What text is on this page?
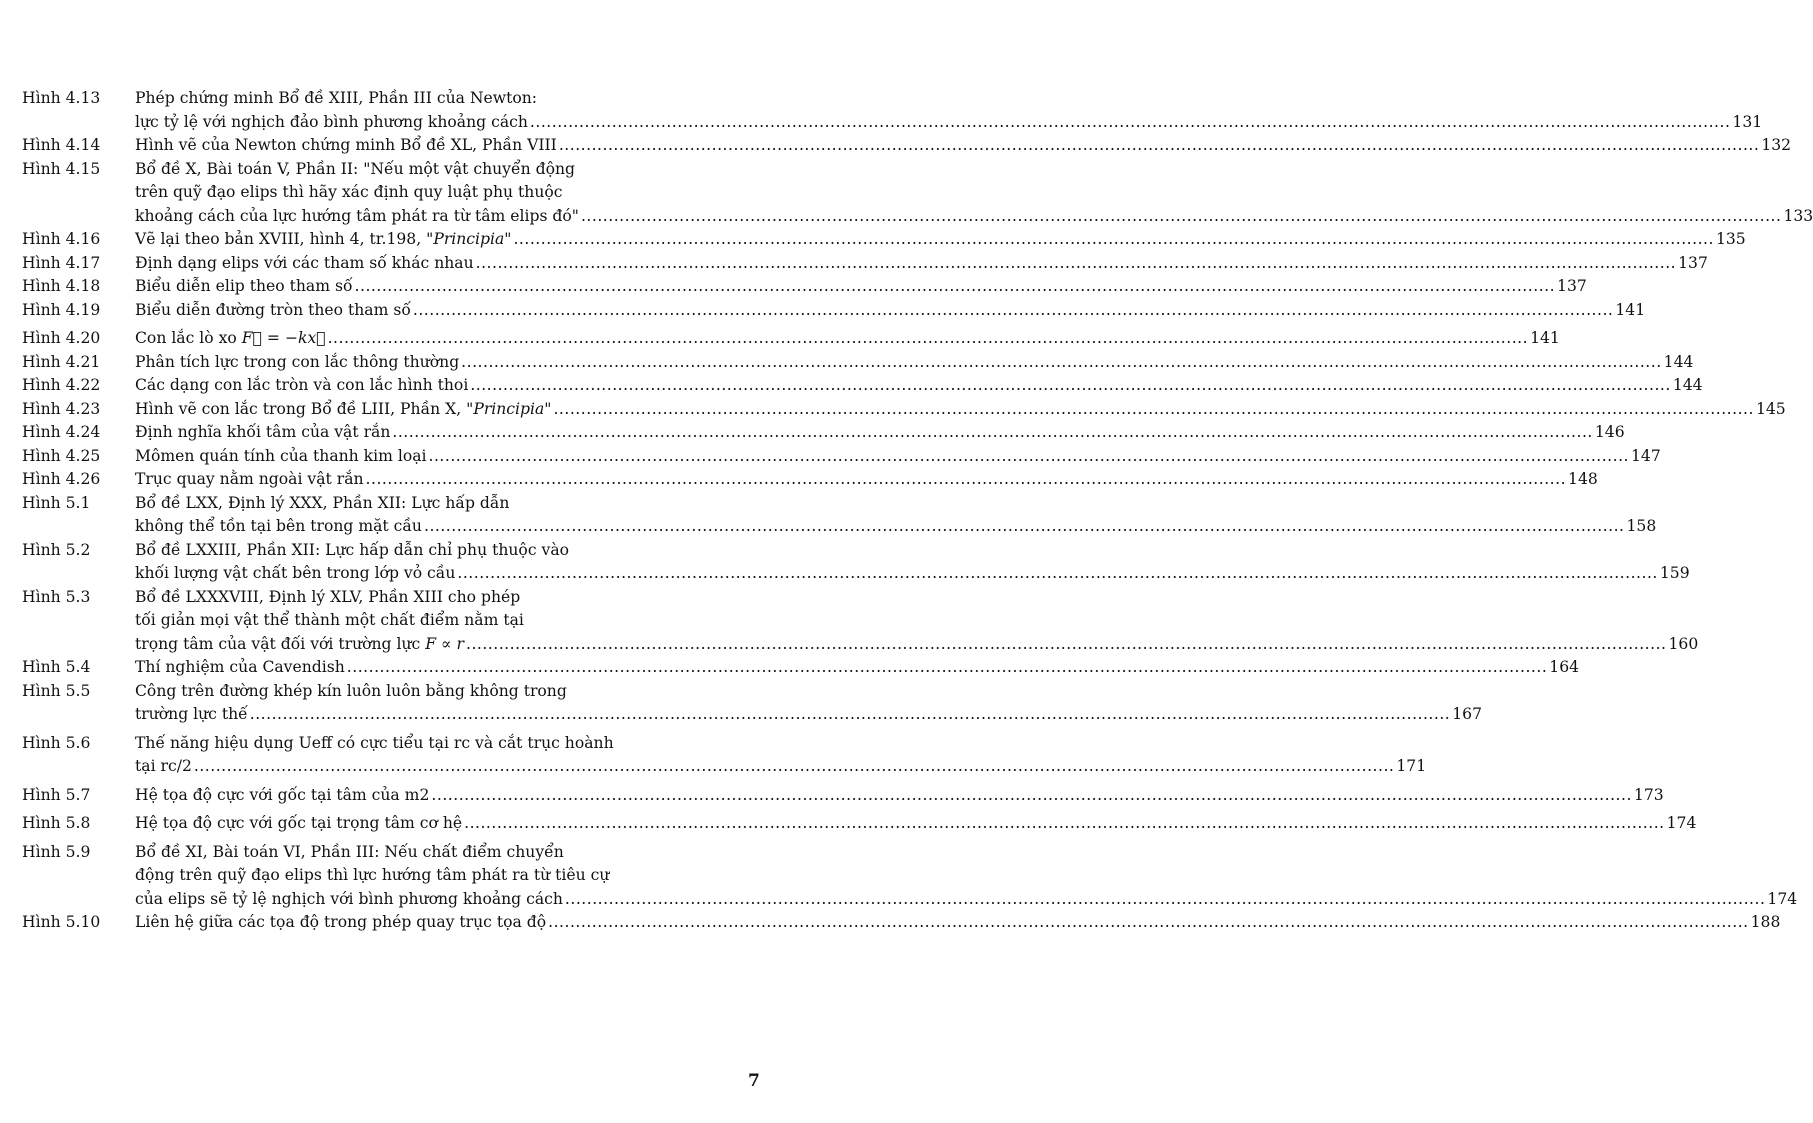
Hình 4.13	Phép chứng minh Bổ đề XIII, Phần III của Newton:
lực tỷ lệ với nghịch đảo bình phương khoảng cách ............................................................................................................................................................................................................................ 131
Hình 4.14	Hình vẽ của Newton chứng minh Bổ đề XL, Phần VIII ............................................................................................................................................................................................................................ 132
Hình 4.15	Bổ đề X, Bài toán V, Phần II: "Nếu một vật chuyển động
trên quỹ đạo elips thì hãy xác định quy luật phụ thuộc
khoảng cách của lực hướng tâm phát ra từ tâm elips đó" ............................................................................................................................................................................................................................ 133
Hình 4.16	Vẽ lại theo bản XVIII, hình 4, tr.198, "Principia" ............................................................................................................................................................................................................................ 135
Hình 4.17	Định dạng elips với các tham số khác nhau ............................................................................................................................................................................................................................ 137
Hình 4.18	Biểu diễn elip theo tham số ............................................................................................................................................................................................................................ 137
Hình 4.19	Biểu diễn đường tròn theo tham số ............................................................................................................................................................................................................................ 141
Hình 4.20	Con lắc lò xo F⃗ = −kx⃗ ............................................................................................................................................................................................................................ 141
Hình 4.21	Phân tích lực trong con lắc thông thường ............................................................................................................................................................................................................................ 144
Hình 4.22	Các dạng con lắc tròn và con lắc hình thoi ............................................................................................................................................................................................................................ 144
Hình 4.23	Hình vẽ con lắc trong Bổ đề LIII, Phần X, "Principia" ............................................................................................................................................................................................................................ 145
Hình 4.24	Định nghĩa khối tâm của vật rắn ............................................................................................................................................................................................................................ 146
Hình 4.25	Mômen quán tính của thanh kim loại ............................................................................................................................................................................................................................ 147
Hình 4.26	Trục quay nằm ngoài vật rắn ............................................................................................................................................................................................................................ 148
Hình 5.1	Bổ đề LXX, Định lý XXX, Phần XII: Lực hấp dẫn
không thể tồn tại bên trong mặt cầu ............................................................................................................................................................................................................................ 158
Hình 5.2	Bổ đề LXXIII, Phần XII: Lực hấp dẫn chỉ phụ thuộc vào
khối lượng vật chất bên trong lớp vỏ cầu ............................................................................................................................................................................................................................ 159
Hình 5.3	Bổ đề LXXXVIII, Định lý XLV, Phần XIII cho phép
tối giản mọi vật thể thành một chất điểm nằm tại
trọng tâm của vật đối với trường lực F ∝ r ............................................................................................................................................................................................................................ 160
Hình 5.4	Thí nghiệm của Cavendish ............................................................................................................................................................................................................................ 164
Hình 5.5	Công trên đường khép kín luôn luôn bằng không trong
trường lực thế ............................................................................................................................................................................................................................ 167
Hình 5.6	Thế năng hiệu dụng Ueff có cực tiểu tại rc và cắt trục hoành
tại rc/2 ............................................................................................................................................................................................................................ 171
Hình 5.7	Hệ tọa độ cực với gốc tại tâm của m2 ............................................................................................................................................................................................................................ 173
Hình 5.8	Hệ tọa độ cực với gốc tại trọng tâm cơ hệ ............................................................................................................................................................................................................................ 174
Hình 5.9	Bổ đề XI, Bài toán VI, Phần III: Nếu chất điểm chuyển
động trên quỹ đạo elips thì lực hướng tâm phát ra từ tiêu cự
của elips sẽ tỷ lệ nghịch với bình phương khoảng cách ............................................................................................................................................................................................................................ 174
Hình 5.10	Liên hệ giữa các tọa độ trong phép quay trục tọa độ ............................................................................................................................................................................................................................ 188
7
